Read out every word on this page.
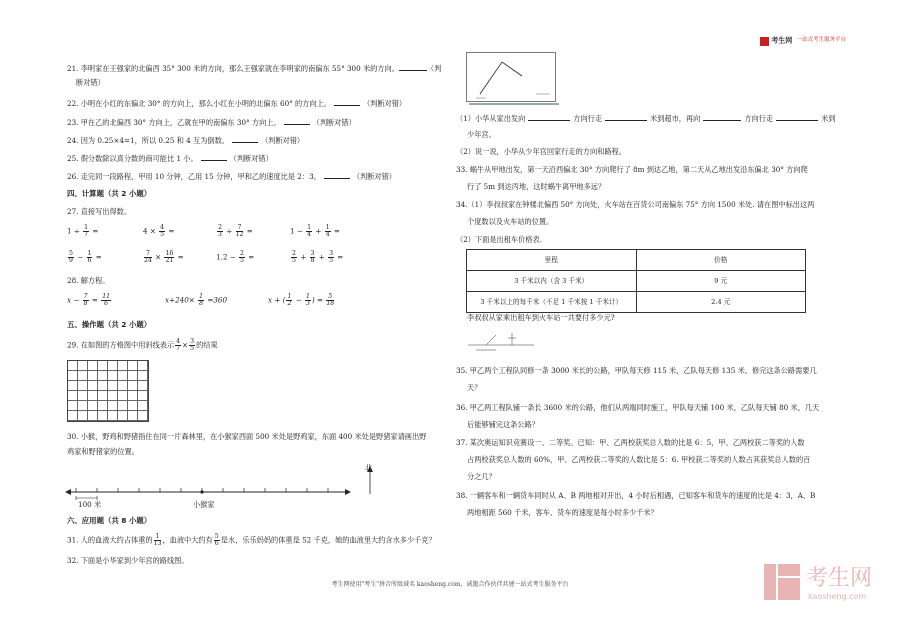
考生网 一站式考生服务平台
21. 李明家在王强家的北偏西 35° 300 米的方向，那么王强家就在李明家的南偏东 55° 300 米的方向。	（判
断对错）
22. 小明在小红的东偏北 30° 的方向上，那么小红在小明的北偏东 60° 的方向上。	（判断对错）
23. 甲在乙的北偏西 30° 方向上，乙就在甲的南偏东 30° 方向上。	（判断对错）
24. 因为 0.25×4=1，所以 0.25 和 4 互为倒数。	（判断对错）
25. 假分数除以真分数的商可能比 1 小。	（判断对错）
26. 走完同一段路程，甲用 10 分钟，乙用 15 分钟，甲和乙的速度比是 2：3。	（判断对错）
四、计算题（共 2 小题）
27. 直接写出得数。
$1 \div \frac{1}{7}$ =	$4 \times \frac{4}{5}$ =	$\frac{2}{3} \div \frac{7}{12}$ =	$1 - \frac{1}{4} + \frac{1}{4}$ =
$\frac{5}{9} - \frac{1}{6}$ =	$\frac{7}{24} \times \frac{16}{21}$ =	$1.2 - \frac{2}{5}$ =	$\frac{2}{5} + \frac{3}{8} + \frac{3}{5}$ =
28. 解方程。
$x - \frac{7}{8} = \frac{11}{6}$	$x+240\times \frac{1}{8} =360$	x + ( $\frac{1}{2} - \frac{1}{3}$ ) = $\frac{5}{18}$
五、操作题（共 2 小题）
29. 在如图的方格图中用斜线表示 $\frac{4}{7} \times \frac{3}{5}$ 的结果
30. 小猴，野鸡和野猪指住在同一片森林里，在小猴家西面 500 米处是野鸡家，东面 400 米处是野猪家请画出野
鸡家和野猪家的位置。
北
100 米	小猴家
六、应用题（共 8 小题）
31. 人的血液大约占体重的 $\frac{1}{13}$ ，血液中大约有 $\frac{5}{6}$ 是水，乐乐妈妈的体重是 52 千克，她的血液里大约含水多少千克？
32. 下面是小华家到少年宫的路线图。
（1）小华从家出发向	方向行走	米到超市，再向	方向行走	米到
少年宫。
（2）说一说，小华从少年宫回家行走的方向和路程。
33. 蜗牛从甲地出发，第一天沿西偏北 30° 方向爬行了 8m 到达乙地，第二天从乙地出发沿东偏北 30° 方向爬
行了 5m 到达丙地，这时蜗牛离甲地多远？
34.（1）李叔叔家在钟楼北偏西 50° 方向处，火车站在百货公司南偏东 75° 方向 1500 米处. 请在图中标出这两
个度数以及火车站的位置。
（2）下面是出租车价格表.
里程	价格
3 千米以内（含 3 千米）	9 元
3 千米以上的每千米（不足 1 千米按 1 千米计）	2.4 元
李叔叔从家乘出租车到火车站一共要付多少元?
35. 甲乙两个工程队同修一条 3000 米长的公路，甲队每天修 115 米，乙队每天修 135 米，修完这条公路需要几
天？
36. 甲乙两工程队铺一条长 3600 米的公路，他们从两端同时施工，甲队每天铺 100 米，乙队每天铺 80 米，几天
后能够铺完这条公路？
37. 某次奥运知识竞赛设一、二等奖。已知：甲、乙两校获奖总人数的比是 6：5，甲、乙两校获二等奖的人数
占两校获奖总人数的 60%，甲、乙两校获二等奖的人数比是 5：6. 甲校获二等奖的人数占其获奖总人数的百
分之几？
38. 一辆客车和一辆货车同时从 A、B 两地相对开出，4 小时后相遇，已知客车和货车的速度的比是 4：3，A、B
两地相距 560 千米，客车、货车的速度是每小时多少千米？
考生网使用"考生"拼音所级域名 kaosheng.com，诚邀合作伙伴共建一站式考生服务平台	考生网
kaosheng.com
